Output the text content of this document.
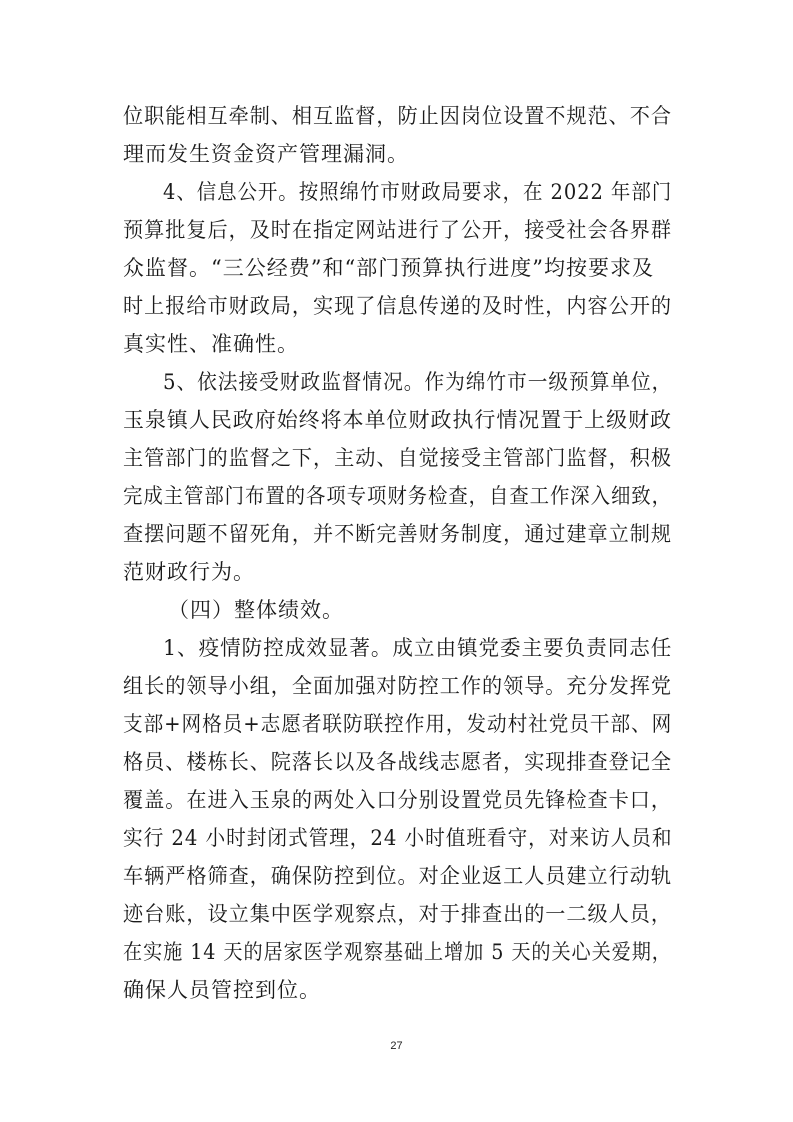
位职能相互牵制、相互监督，防止因岗位设置不规范、不合
理而发生资金资产管理漏洞。
4、信息公开。按照绵竹市财政局要求，在 2022 年部门
预算批复后，及时在指定网站进行了公开，接受社会各界群
众监督。“三公经费”和“部门预算执行进度”均按要求及
时上报给市财政局，实现了信息传递的及时性，内容公开的
真实性、准确性。
5、依法接受财政监督情况。作为绵竹市一级预算单位，
玉泉镇人民政府始终将本单位财政执行情况置于上级财政
主管部门的监督之下，主动、自觉接受主管部门监督，积极
完成主管部门布置的各项专项财务检查，自查工作深入细致，
查摆问题不留死角，并不断完善财务制度，通过建章立制规
范财政行为。
（四）整体绩效。
1、疫情防控成效显著。成立由镇党委主要负责同志任
组长的领导小组，全面加强对防控工作的领导。充分发挥党
支部+网格员+志愿者联防联控作用，发动村社党员干部、网
格员、楼栋长、院落长以及各战线志愿者，实现排查登记全
覆盖。在进入玉泉的两处入口分别设置党员先锋检查卡口，
实行 24 小时封闭式管理，24 小时值班看守，对来访人员和
车辆严格筛查，确保防控到位。对企业返工人员建立行动轨
迹台账，设立集中医学观察点，对于排查出的一二级人员，
在实施 14 天的居家医学观察基础上增加 5 天的关心关爱期，
确保人员管控到位。
27
